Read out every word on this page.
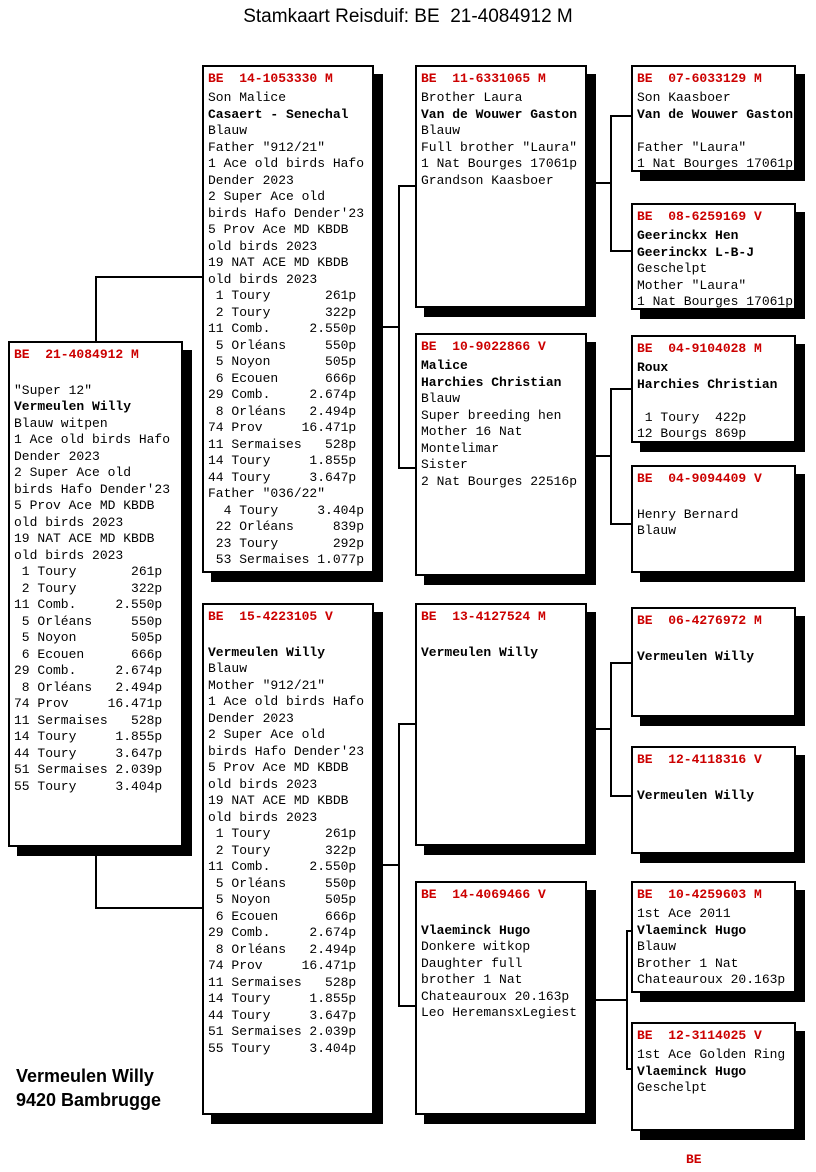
Stamkaart Reisduif: BE  21-4084912 M
BE  21-4084912 M

"Super 12"
Vermeulen Willy
Blauw witpen
1 Ace old birds Hafo
Dender 2023
2 Super Ace old
birds Hafo Dender'23
5 Prov Ace MD KBDB
old birds 2023
19 NAT ACE MD KBDB
old birds 2023
1 Toury       261p
2 Toury       322p
11 Comb.     2.550p
5 Orléans     550p
5 Noyon       505p
6 Ecouen      666p
29 Comb.     2.674p
8 Orléans   2.494p
74 Prov     16.471p
11 Sermaises   528p
14 Toury     1.855p
44 Toury     3.647p
51 Sermaises 2.039p
55 Toury     3.404p
BE  14-1053330 M
Son Malice
Casaert - Senechal
Blauw
Father "912/21"
1 Ace old birds Hafo
Dender 2023
2 Super Ace old
birds Hafo Dender'23
5 Prov Ace MD KBDB
old birds 2023
19 NAT ACE MD KBDB
old birds 2023
1 Toury       261p
2 Toury       322p
11 Comb.     2.550p
5 Orléans     550p
5 Noyon       505p
6 Ecouen      666p
29 Comb.     2.674p
8 Orléans   2.494p
74 Prov     16.471p
11 Sermaises   528p
14 Toury     1.855p
44 Toury     3.647p
Father "036/22"
4 Toury     3.404p
22 Orléans     839p
23 Toury       292p
53 Sermaises 1.077p
BE  15-4223105 V

Vermeulen Willy
Blauw
Mother "912/21"
1 Ace old birds Hafo
Dender 2023
2 Super Ace old
birds Hafo Dender'23
5 Prov Ace MD KBDB
old birds 2023
19 NAT ACE MD KBDB
old birds 2023
1 Toury       261p
2 Toury       322p
11 Comb.     2.550p
5 Orléans     550p
5 Noyon       505p
6 Ecouen      666p
29 Comb.     2.674p
8 Orléans   2.494p
74 Prov     16.471p
11 Sermaises   528p
14 Toury     1.855p
44 Toury     3.647p
51 Sermaises 2.039p
55 Toury     3.404p
BE  11-6331065 M
Brother Laura
Van de Wouwer Gaston
Blauw
Full brother "Laura"
1 Nat Bourges 17061p
Grandson Kaasboer
BE  10-9022866 V
Malice
Harchies Christian
Blauw
Super breeding hen
Mother 16 Nat
Montelimar
Sister
2 Nat Bourges 22516p
BE  13-4127524 M

Vermeulen Willy
BE  14-4069466 V

Vlaeminck Hugo
Donkere witkop
Daughter full
brother 1 Nat
Chateauroux 20.163p
Leo HeremansxLegiest
BE  07-6033129 M
Son Kaasboer
Van de Wouwer Gaston

Father "Laura"
1 Nat Bourges 17061p
BE  08-6259169 V
Geerinckx Hen
Geerinckx L-B-J
Geschelpt
Mother "Laura"
1 Nat Bourges 17061p
BE  04-9104028 M
Roux
Harchies Christian

1 Toury  422p
12 Bourgs 869p
BE  04-9094409 V

Henry Bernard
Blauw
BE  06-4276972 M

Vermeulen Willy
BE  12-4118316 V

Vermeulen Willy
BE  10-4259603 M
1st Ace 2011
Vlaeminck Hugo
Blauw
Brother 1 Nat
Chateauroux 20.163p
BE  12-3114025 V
1st Ace Golden Ring
Vlaeminck Hugo
Geschelpt
Vermeulen Willy
9420 Bambrugge
BE
